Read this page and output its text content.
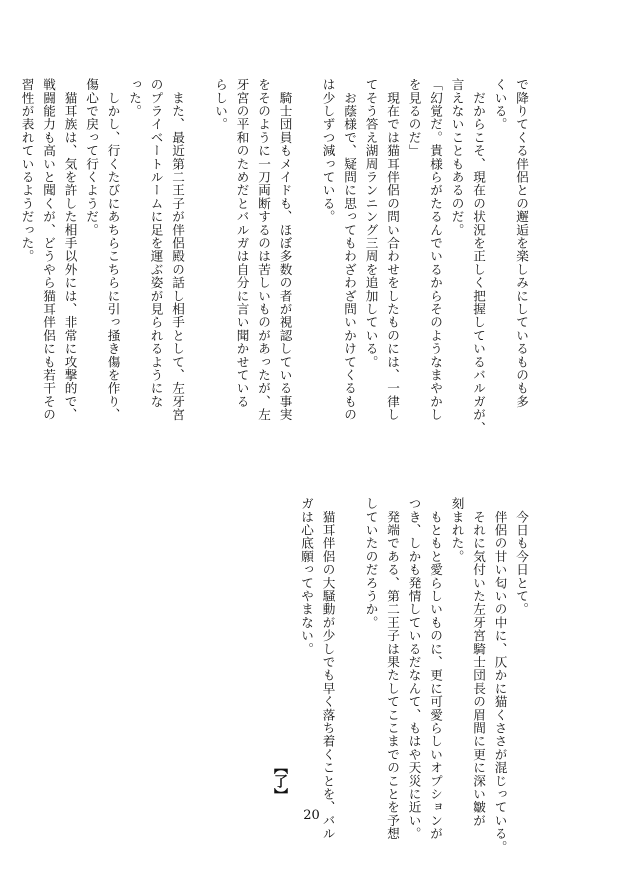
で降りてくる伴侶との邂逅を楽しみにしているものも多
くいる。
　だからこそ、現在の状況を正しく把握しているバルガが、
言えないこともあるのだ。
「幻覚だ。貴様らがたるんでいるからそのようなまやかし
を見るのだ」
　現在では猫耳伴侶の問い合わせをしたものには、一律し
てそう答え湖周ランニング三周を追加している。
　お蔭様で、疑問に思ってもわざわざ問いかけてくるもの
は少しずつ減っている。

　騎士団員もメイドも、ほぼ多数の者が視認している事実
をそのように一刀両断するのは苦しいものがあったが、左
牙宮の平和のためだとバルガは自分に言い聞かせている
らしい。

　また、最近第二王子が伴侶殿の話し相手として、左牙宮
のプライベートルームに足を運ぶ姿が見られるようにな
った。
　しかし、行くたびにあちらこちらに引っ掻き傷を作り、
傷心で戻って行くようだ。
　猫耳族は、気を許した相手以外には、非常に攻撃的で、
戦闘能力も高いと聞くが、どうやら猫耳伴侶にも若干その
習性が表れているようだった。
　今日も今日とて。
　伴侶の甘い匂いの中に、仄かに猫くささが混じっている。
　それに気付いた左牙宮騎士団長の眉間に更に深い皺が
刻まれた。
　もともと愛らしいものに、更に可愛らしいオプションが
つき、しかも発情しているだなんて、もはや天災に近い。
　発端である、第二王子は果たしてここまでのことを予想
していたのだろうか。

　猫耳伴侶の大騒動が少しでも早く落ち着くことを、バル
ガは心底願ってやまない。
【了】
20
